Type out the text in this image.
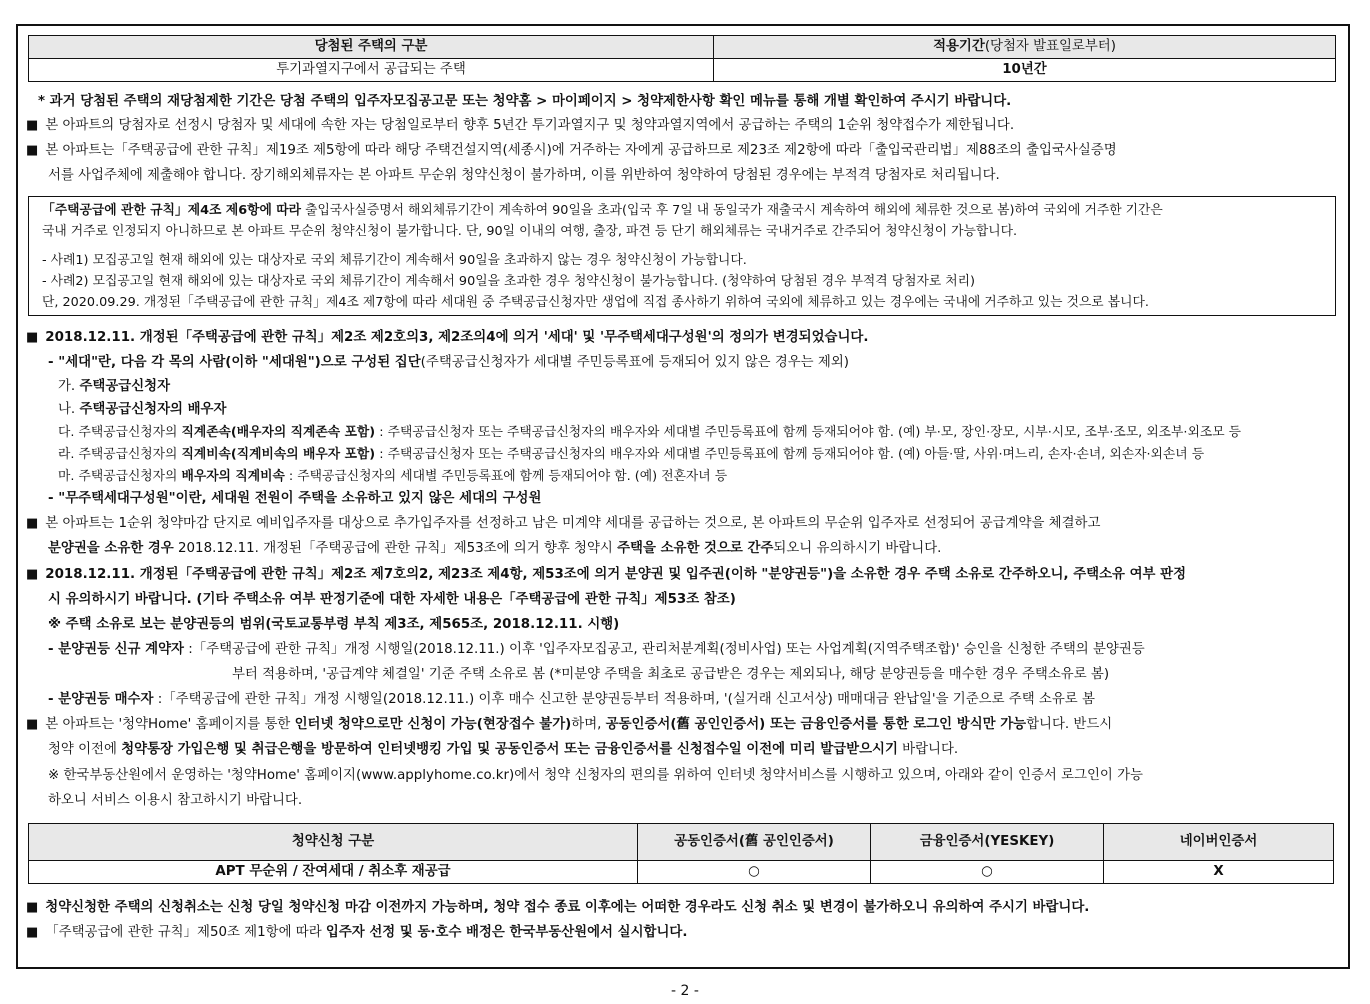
당첨된 주택의 구분	적용기간(당첨자 발표일로부터)
투기과열지구에서 공급되는 주택	10년간
* 과거 당첨된 주택의 재당첨제한 기간은 당첨 주택의 입주자모집공고문 또는 청약홈 > 마이페이지 > 청약제한사항 확인 메뉴를 통해 개별 확인하여 주시기 바랍니다.
■ 본 아파트의 당첨자로 선정시 당첨자 및 세대에 속한 자는 당첨일로부터 향후 5년간 투기과열지구 및 청약과열지역에서 공급하는 주택의 1순위 청약접수가 제한됩니다.
■ 본 아파트는「주택공급에 관한 규칙」제19조 제5항에 따라 해당 주택건설지역(세종시)에 거주하는 자에게 공급하므로 제23조 제2항에 따라「출입국관리법」제88조의 출입국사실증명
서를 사업주체에 제출해야 합니다. 장기해외체류자는 본 아파트 무순위 청약신청이 불가하며, 이를 위반하여 청약하여 당첨된 경우에는 부적격 당첨자로 처리됩니다.
「주택공급에 관한 규칙」제4조 제6항에 따라 출입국사실증명서 해외체류기간이 계속하여 90일을 초과(입국 후 7일 내 동일국가 재출국시 계속하여 해외에 체류한 것으로 봄)하여 국외에 거주한 기간은
국내 거주로 인정되지 아니하므로 본 아파트 무순위 청약신청이 불가합니다. 단, 90일 이내의 여행, 출장, 파견 등 단기 해외체류는 국내거주로 간주되어 청약신청이 가능합니다.
- 사례1) 모집공고일 현재 해외에 있는 대상자로 국외 체류기간이 계속해서 90일을 초과하지 않는 경우 청약신청이 가능합니다.
- 사례2) 모집공고일 현재 해외에 있는 대상자로 국외 체류기간이 계속해서 90일을 초과한 경우 청약신청이 불가능합니다. (청약하여 당첨된 경우 부적격 당첨자로 처리)
단, 2020.09.29. 개정된「주택공급에 관한 규칙」제4조 제7항에 따라 세대원 중 주택공급신청자만 생업에 직접 종사하기 위하여 국외에 체류하고 있는 경우에는 국내에 거주하고 있는 것으로 봅니다.
■ 2018.12.11. 개정된「주택공급에 관한 규칙」제2조 제2호의3, 제2조의4에 의거 '세대' 및 '무주택세대구성원'의 정의가 변경되었습니다.
- "세대"란, 다음 각 목의 사람(이하 "세대원")으로 구성된 집단(주택공급신청자가 세대별 주민등록표에 등재되어 있지 않은 경우는 제외)
가. 주택공급신청자
나. 주택공급신청자의 배우자
다. 주택공급신청자의 직계존속(배우자의 직계존속 포함) : 주택공급신청자 또는 주택공급신청자의 배우자와 세대별 주민등록표에 함께 등재되어야 함. (예) 부·모, 장인·장모, 시부·시모, 조부·조모, 외조부·외조모 등
라. 주택공급신청자의 직계비속(직계비속의 배우자 포함) : 주택공급신청자 또는 주택공급신청자의 배우자와 세대별 주민등록표에 함께 등재되어야 함. (예) 아들·딸, 사위·며느리, 손자·손녀, 외손자·외손녀 등
마. 주택공급신청자의 배우자의 직계비속 : 주택공급신청자의 세대별 주민등록표에 함께 등재되어야 함. (예) 전혼자녀 등
- "무주택세대구성원"이란, 세대원 전원이 주택을 소유하고 있지 않은 세대의 구성원
■ 본 아파트는 1순위 청약마감 단지로 예비입주자를 대상으로 추가입주자를 선정하고 남은 미계약 세대를 공급하는 것으로, 본 아파트의 무순위 입주자로 선정되어 공급계약을 체결하고
분양권을 소유한 경우 2018.12.11. 개정된「주택공급에 관한 규칙」제53조에 의거 향후 청약시 주택을 소유한 것으로 간주되오니 유의하시기 바랍니다.
■ 2018.12.11. 개정된「주택공급에 관한 규칙」제2조 제7호의2, 제23조 제4항, 제53조에 의거 분양권 및 입주권(이하 "분양권등")을 소유한 경우 주택 소유로 간주하오니, 주택소유 여부 판정
시 유의하시기 바랍니다. (기타 주택소유 여부 판정기준에 대한 자세한 내용은「주택공급에 관한 규칙」제53조 참조)
※ 주택 소유로 보는 분양권등의 범위(국토교통부령 부칙 제3조, 제565조, 2018.12.11. 시행)
- 분양권등 신규 계약자 :「주택공급에 관한 규칙」개정 시행일(2018.12.11.) 이후 '입주자모집공고, 관리처분계획(정비사업) 또는 사업계획(지역주택조합)' 승인을 신청한 주택의 분양권등
부터 적용하며, '공급계약 체결일' 기준 주택 소유로 봄 (*미분양 주택을 최초로 공급받은 경우는 제외되나, 해당 분양권등을 매수한 경우 주택소유로 봄)
- 분양권등 매수자 :「주택공급에 관한 규칙」개정 시행일(2018.12.11.) 이후 매수 신고한 분양권등부터 적용하며, '(실거래 신고서상) 매매대금 완납일'을 기준으로 주택 소유로 봄
■ 본 아파트는 '청약Home' 홈페이지를 통한 인터넷 청약으로만 신청이 가능(현장접수 불가)하며, 공동인증서(舊 공인인증서) 또는 금융인증서를 통한 로그인 방식만 가능합니다. 반드시
청약 이전에 청약통장 가입은행 및 취급은행을 방문하여 인터넷뱅킹 가입 및 공동인증서 또는 금융인증서를 신청접수일 이전에 미리 발급받으시기 바랍니다.
※ 한국부동산원에서 운영하는 '청약Home' 홈페이지(www.applyhome.co.kr)에서 청약 신청자의 편의를 위하여 인터넷 청약서비스를 시행하고 있으며, 아래와 같이 인증서 로그인이 가능
하오니 서비스 이용시 참고하시기 바랍니다.
청약신청 구분	공동인증서(舊 공인인증서)	금융인증서(YESKEY)	네이버인증서
APT 무순위 / 잔여세대 / 취소후 재공급	○	○	X
■ 청약신청한 주택의 신청취소는 신청 당일 청약신청 마감 이전까지 가능하며, 청약 접수 종료 이후에는 어떠한 경우라도 신청 취소 및 변경이 불가하오니 유의하여 주시기 바랍니다.
■ 「주택공급에 관한 규칙」제50조 제1항에 따라 입주자 선정 및 동·호수 배정은 한국부동산원에서 실시합니다.
- 2 -
